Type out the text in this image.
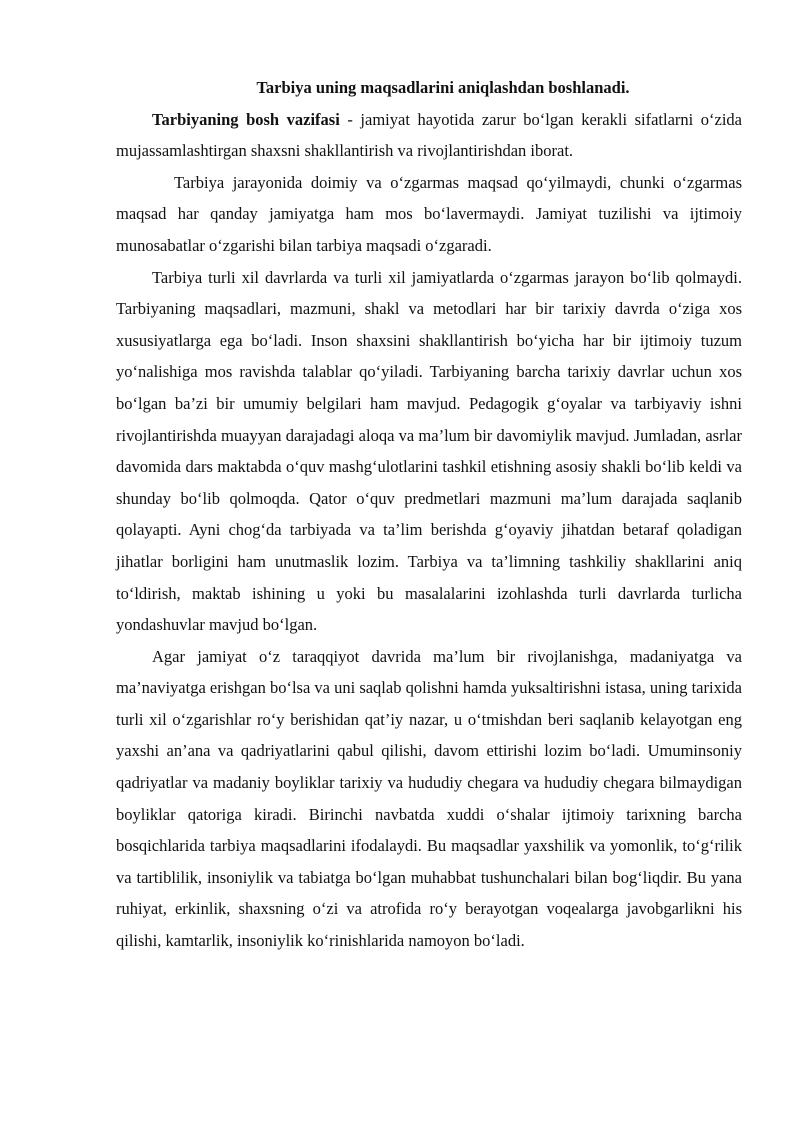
Tarbiya uning maqsadlarini aniqlashdan boshlanadi.

Tarbiyaning bosh vazifasi - jamiyat hayotida zarur bo‘lgan kerakli sifatlarni o‘zida mujassamlashtirgan shaxsni shakllantirish va rivojlantirishdan iborat.

Tarbiya jarayonida doimiy va o‘zgarmas maqsad qo‘yilmaydi, chunki o‘zgarmas maqsad har qanday jamiyatga ham mos bo‘lavermaydi. Jamiyat tuzilishi va ijtimoiy munosabatlar o‘zgarishi bilan tarbiya maqsadi o‘zgaradi.

Tarbiya turli xil davrlarda va turli xil jamiyatlarda o‘zgarmas jarayon bo‘lib qolmaydi. Tarbiyaning maqsadlari, mazmuni, shakl va metodlari har bir tarixiy davrda o‘ziga xos xususiyatlarga ega bo‘ladi. Inson shaxsini shakllantirish bo‘yicha har bir ijtimoiy tuzum yo‘nalishiga mos ravishda talablar qo‘yiladi. Tarbiyaning barcha tarixiy davrlar uchun xos bo‘lgan ba’zi bir umumiy belgilari ham mavjud. Pedagogik g‘oyalar va tarbiyaviy ishni rivojlantirishda muayyan darajadagi aloqa va ma’lum bir davomiylik mavjud. Jumladan, asrlar davomida dars maktabda o‘quv mashg‘ulotlarini tashkil etishning asosiy shakli bo‘lib keldi va shunday bo‘lib qolmoqda. Qator o‘quv predmetlari mazmuni ma’lum darajada saqlanib qolayapti. Ayni chog‘da tarbiyada va ta’lim berishda g‘oyaviy jihatdan betaraf qoladigan jihatlar borligini ham unutmaslik lozim. Tarbiya va ta’limning tashkiliy shakllarini aniq to‘ldirish, maktab ishining u yoki bu masalalarini izohlashda turli davrlarda turlicha yondashuvlar mavjud bo‘lgan.

Agar jamiyat o‘z taraqqiyot davrida ma’lum bir rivojlanishga, madaniyatga va ma’naviyatga erishgan bo‘lsa va uni saqlab qolishni hamda yuksaltirishni istasa, uning tarixida turli xil o‘zgarishlar ro‘y berishidan qat’iy nazar, u o‘tmishdan beri saqlanib kelayotgan eng yaxshi an’ana va qadriyatlarini qabul qilishi, davom ettirishi lozim bo‘ladi. Umuminsoniy qadriyatlar va madaniy boyliklar tarixiy va hududiy chegara va hududiy chegara bilmaydigan boyliklar qatoriga kiradi. Birinchi navbatda xuddi o‘shalar ijtimoiy tarixning barcha bosqichlarida tarbiya maqsadlarini ifodalaydi. Bu maqsadlar yaxshilik va yomonlik, to‘g‘rilik va tartiblilik, insoniylik va tabiatga bo‘lgan muhabbat tushunchalari bilan bog‘liqdir. Bu yana ruhiyat, erkinlik, shaxsning o‘zi va atrofida ro‘y berayotgan voqealarga javobgarlikni his qilishi, kamtarlik, insoniylik ko‘rinishlarida namoyon bo‘ladi.
